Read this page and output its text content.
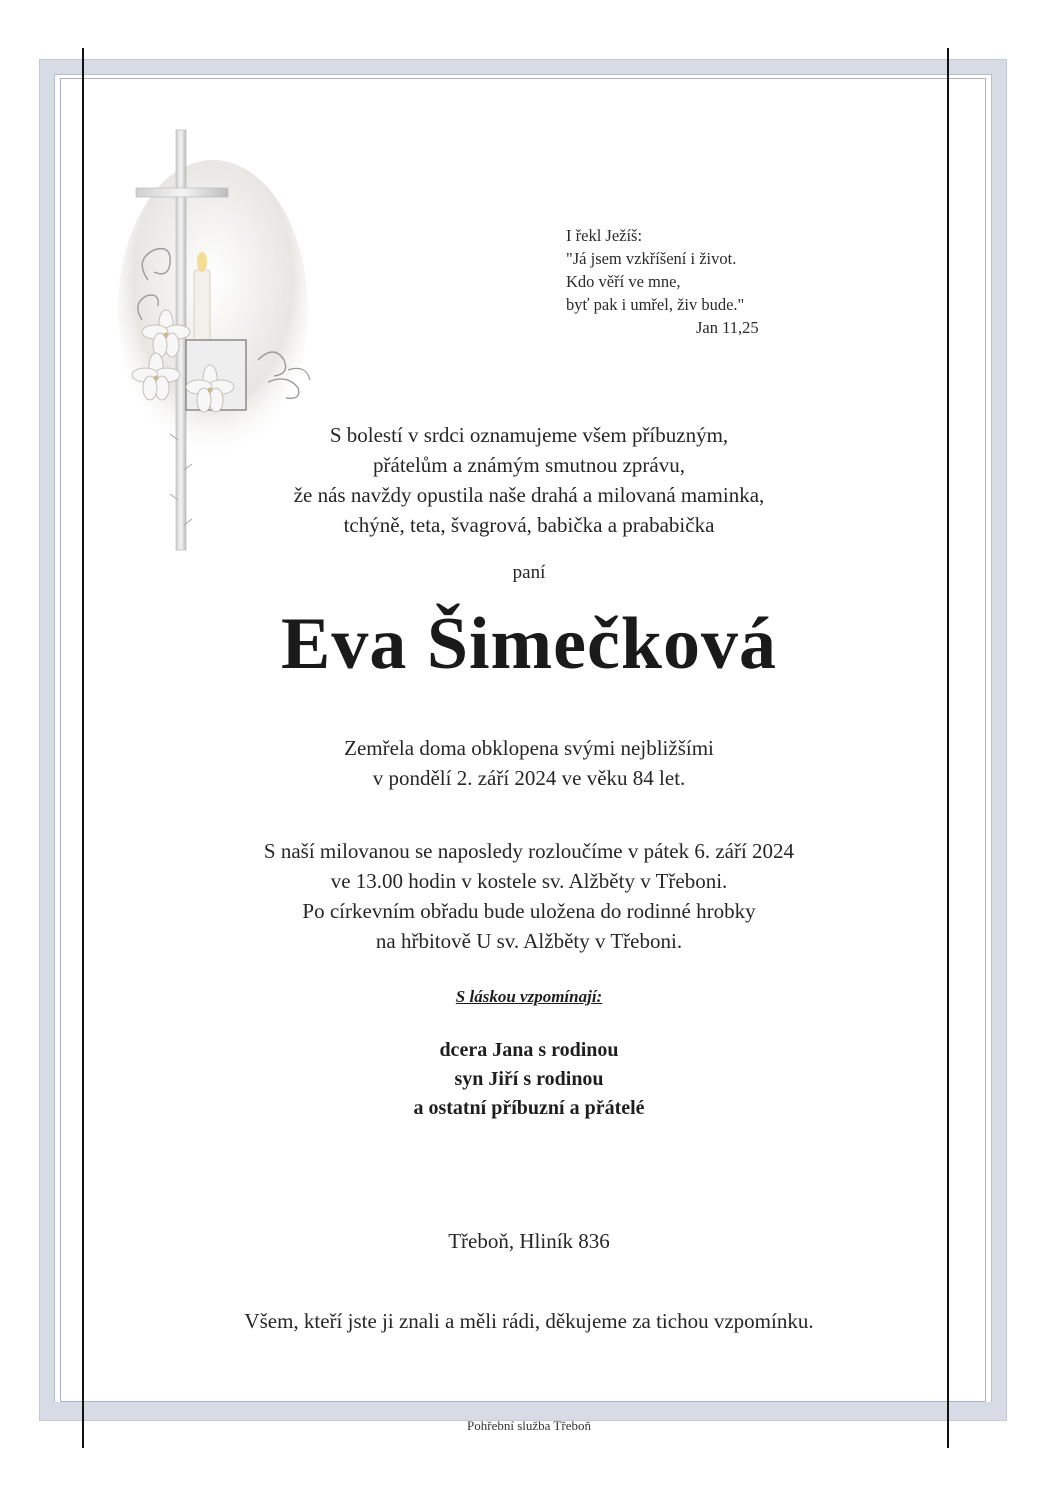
I řekl Ježíš:
"Já jsem vzkříšení i život.
Kdo věří ve mne,
byť pak i umřel, živ bude."
Jan 11,25
S bolestí v srdci oznamujeme všem příbuzným,
přátelům a známým smutnou zprávu,
že nás navždy opustila naše drahá a milovaná maminka,
tchýně, teta, švagrová, babička a prababička
paní
Eva Šimečková
Zemřela doma obklopena svými nejbližšími
v pondělí 2. září 2024 ve věku 84 let.
S naší milovanou se naposledy rozloučíme v pátek 6. září 2024
ve 13.00 hodin v kostele sv. Alžběty v Třeboni.
Po církevním obřadu bude uložena do rodinné hrobky
na hřbitově U sv. Alžběty v Třeboni.
S láskou vzpomínají:
dcera Jana s rodinou
syn Jiří s rodinou
a ostatní příbuzní a přátelé
Třeboň, Hliník 836
Všem, kteří jste ji znali a měli rádi, děkujeme za tichou vzpomínku.
Pohřební služba Třeboň
